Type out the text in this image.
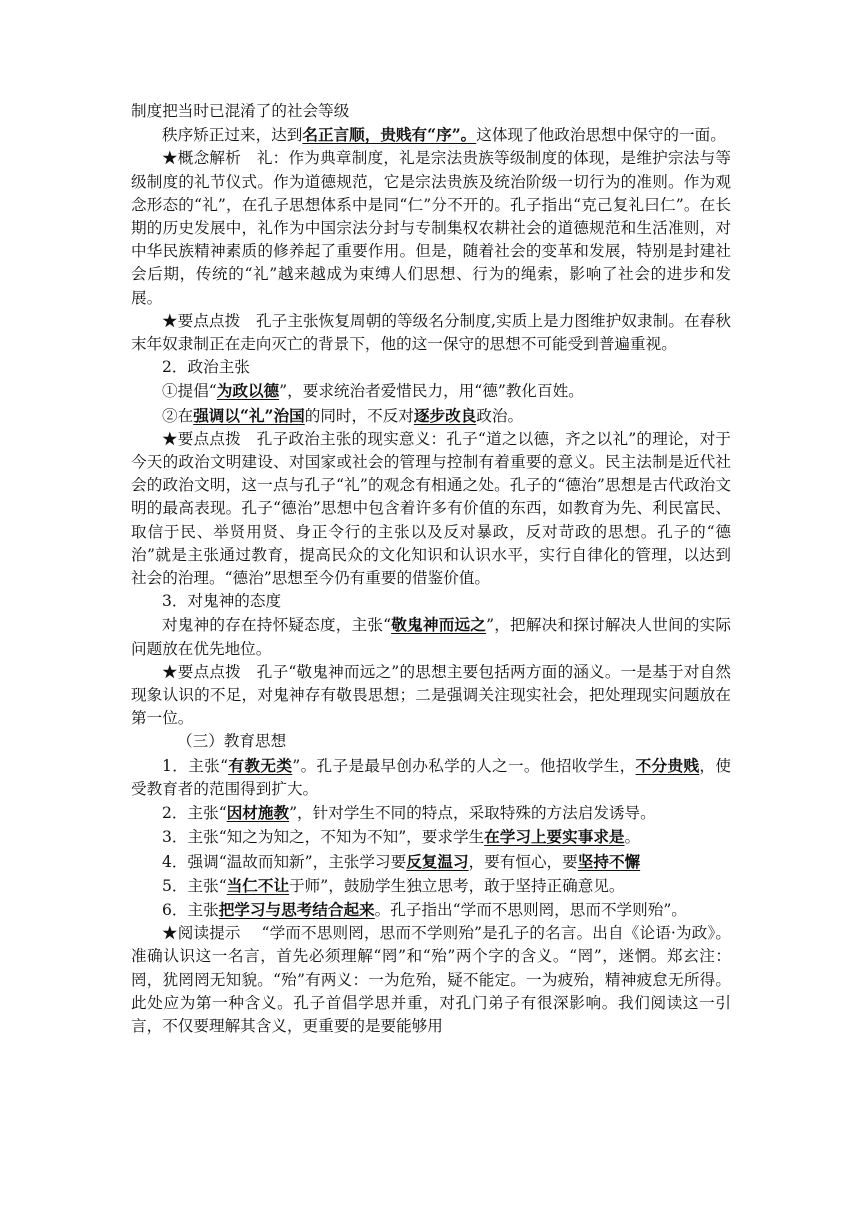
制度把当时已混淆了的社会等级

秩序矫正过来，达到名正言顺，贵贱有“序”。这体现了他政治思想中保守的一面。

★概念解析　礼：作为典章制度，礼是宗法贵族等级制度的体现，是维护宗法与等级制度的礼节仪式。作为道德规范，它是宗法贵族及统治阶级一切行为的准则。作为观念形态的“礼”，在孔子思想体系中是同“仁”分不开的。孔子指出“克己复礼曰仁”。在长期的历史发展中，礼作为中国宗法分封与专制集权农耕社会的道德规范和生活准则，对中华民族精神素质的修养起了重要作用。但是，随着社会的变革和发展，特别是封建社会后期，传统的“礼”越来越成为束缚人们思想、行为的绳索，影响了社会的进步和发展。

★要点点拨　孔子主张恢复周朝的等级名分制度,实质上是力图维护奴隶制。在春秋末年奴隶制正在走向灭亡的背景下，他的这一保守的思想不可能受到普遍重视。

2．政治主张

①提倡“为政以德”，要求统治者爱惜民力，用“德”教化百姓。

②在强调以“礼”治国的同时，不反对逐步改良政治。

★要点点拨　孔子政治主张的现实意义：孔子“道之以德，齐之以礼”的理论，对于今天的政治文明建设、对国家或社会的管理与控制有着重要的意义。民主法制是近代社会的政治文明，这一点与孔子“礼”的观念有相通之处。孔子的“德治”思想是古代政治文明的最高表现。孔子“德治”思想中包含着许多有价值的东西，如教育为先、利民富民、取信于民、举贤用贤、身正令行的主张以及反对暴政，反对苛政的思想。孔子的“德治”就是主张通过教育，提高民众的文化知识和认识水平，实行自律化的管理，以达到社会的治理。“德治”思想至今仍有重要的借鉴价值。

3．对鬼神的态度

对鬼神的存在持怀疑态度，主张“敬鬼神而远之”，把解决和探讨解决人世间的实际问题放在优先地位。

★要点点拨　孔子“敬鬼神而远之”的思想主要包括两方面的涵义。一是基于对自然现象认识的不足，对鬼神存有敬畏思想；二是强调关注现实社会，把处理现实问题放在第一位。

（三）教育思想

1．主张“有教无类”。孔子是最早创办私学的人之一。他招收学生，不分贵贱，使受教育者的范围得到扩大。

2．主张“因材施教”，针对学生不同的特点，采取特殊的方法启发诱导。

3．主张“知之为知之，不知为不知”，要求学生在学习上要实事求是。

4．强调“温故而知新”，主张学习要反复温习，要有恒心，要坚持不懈

5．主张“当仁不让于师”，鼓励学生独立思考，敢于坚持正确意见。

6．主张把学习与思考结合起来。孔子指出“学而不思则罔，思而不学则殆”。

★阅读提示　 “学而不思则罔，思而不学则殆”是孔子的名言。出自《论语·为政》。准确认识这一名言，首先必须理解“罔”和“殆”两个字的含义。“罔”，迷惘。郑玄注：罔，犹罔罔无知貌。“殆”有两义：一为危殆，疑不能定。一为疲殆，精神疲怠无所得。此处应为第一种含义。孔子首倡学思并重，对孔门弟子有很深影响。我们阅读这一引言，不仅要理解其含义，更重要的是要能够用
